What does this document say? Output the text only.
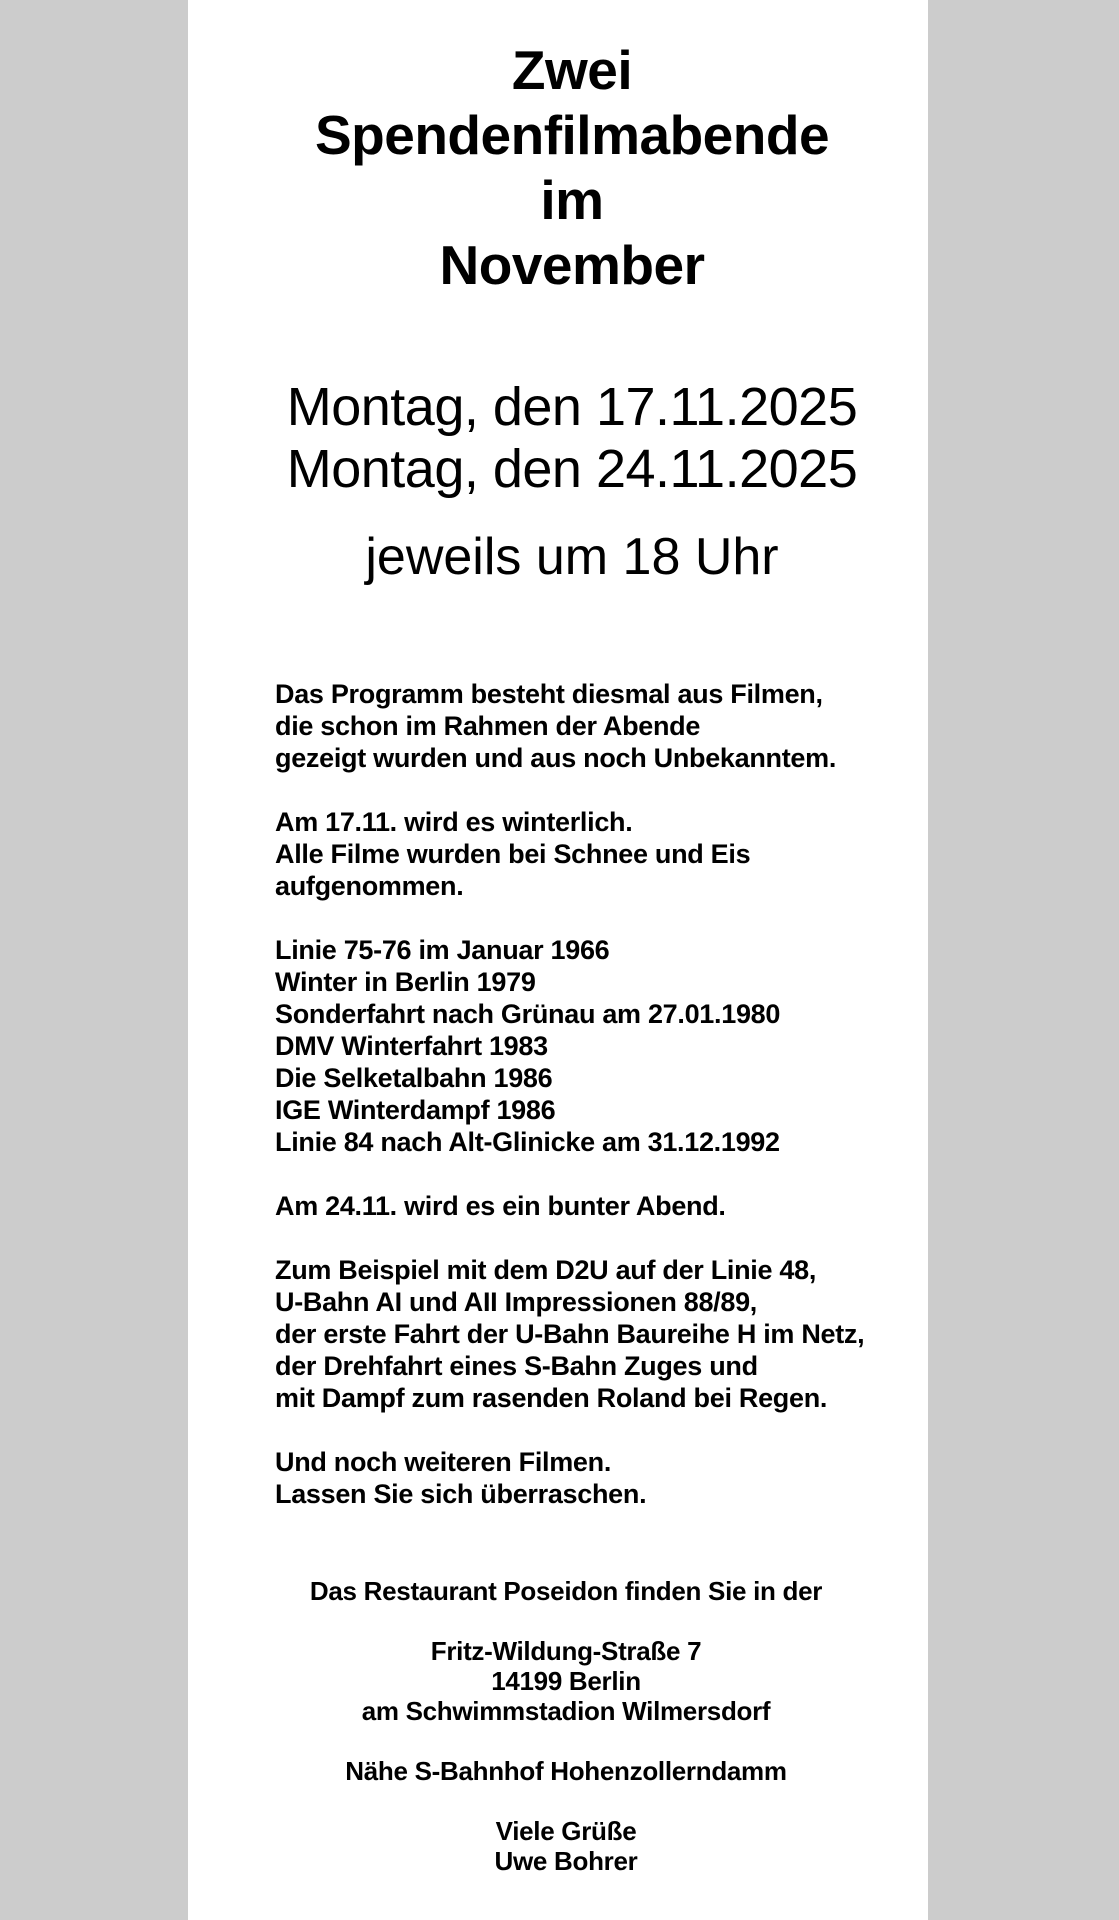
Zwei
Spendenfilmabende
im
November
Montag, den 17.11.2025
Montag, den 24.11.2025
jeweils um 18 Uhr
Das Programm besteht diesmal aus Filmen,
die schon im Rahmen der Abende
gezeigt wurden und aus noch Unbekanntem.
Am 17.11. wird es winterlich.
Alle Filme wurden bei Schnee und Eis
aufgenommen.
Linie 75-76 im Januar 1966
Winter in Berlin 1979
Sonderfahrt nach Grünau am 27.01.1980
DMV Winterfahrt 1983
Die Selketalbahn 1986
IGE Winterdampf 1986
Linie 84 nach Alt-Glinicke am 31.12.1992
Am 24.11. wird es ein bunter Abend.
Zum Beispiel mit dem D2U auf der Linie 48,
U-Bahn AI und AII Impressionen 88/89,
der erste Fahrt der U-Bahn Baureihe H im Netz,
der Drehfahrt eines S-Bahn Zuges und
mit Dampf zum rasenden Roland bei Regen.
Und noch weiteren Filmen.
Lassen Sie sich überraschen.
Das Restaurant Poseidon finden Sie in der
Fritz-Wildung-Straße 7
14199 Berlin
am Schwimmstadion Wilmersdorf
Nähe S-Bahnhof Hohenzollerndamm
Viele Grüße
Uwe Bohrer
